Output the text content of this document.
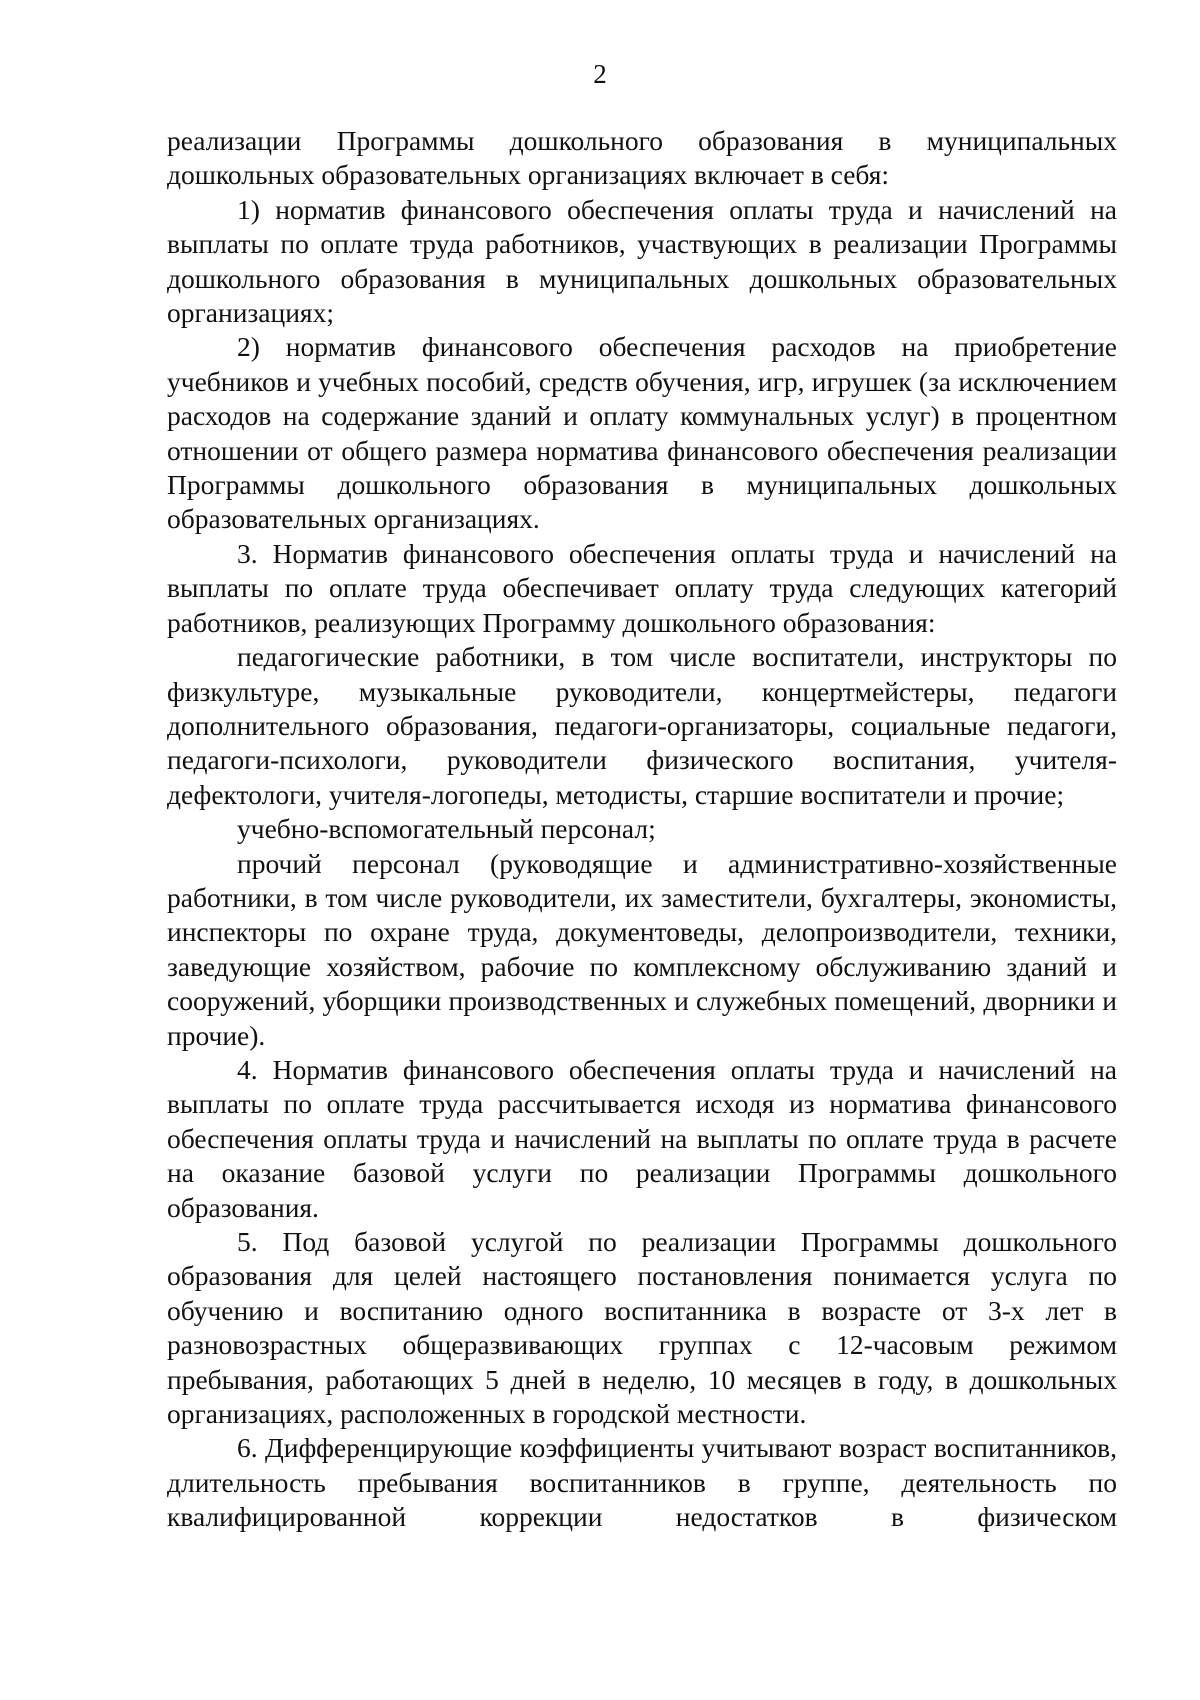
2

реализации Программы дошкольного образования в муниципальных дошкольных образовательных организациях включает в себя:

1) норматив финансового обеспечения оплаты труда и начислений на выплаты по оплате труда работников, участвующих в реализации Программы дошкольного образования в муниципальных дошкольных образовательных организациях;

2) норматив финансового обеспечения расходов на приобретение учебников и учебных пособий, средств обучения, игр, игрушек (за исключением расходов на содержание зданий и оплату коммунальных услуг) в процентном отношении от общего размера норматива финансового обеспечения реализации Программы дошкольного образования в муниципальных дошкольных образовательных организациях.

3. Норматив финансового обеспечения оплаты труда и начислений на выплаты по оплате труда обеспечивает оплату труда следующих категорий работников, реализующих Программу дошкольного образования:

педагогические работники, в том числе воспитатели, инструкторы по физкультуре, музыкальные руководители, концертмейстеры, педагоги дополнительного образования, педагоги-организаторы, социальные педагоги, педагоги-психологи, руководители физического воспитания, учителя-дефектологи, учителя-логопеды, методисты, старшие воспитатели и прочие;

учебно-вспомогательный персонал;

прочий персонал (руководящие и административно-хозяйственные работники, в том числе руководители, их заместители, бухгалтеры, экономисты, инспекторы по охране труда, документоведы, делопроизводители, техники, заведующие хозяйством, рабочие по комплексному обслуживанию зданий и сооружений, уборщики производственных и служебных помещений, дворники и прочие).

4. Норматив финансового обеспечения оплаты труда и начислений на выплаты по оплате труда рассчитывается исходя из норматива финансового обеспечения оплаты труда и начислений на выплаты по оплате труда в расчете на оказание базовой услуги по реализации Программы дошкольного образования.

5. Под базовой услугой по реализации Программы дошкольного образования для целей настоящего постановления понимается услуга по обучению и воспитанию одного воспитанника в возрасте от 3-х лет в разновозрастных общеразвивающих группах с 12-часовым режимом пребывания, работающих 5 дней в неделю, 10 месяцев в году, в дошкольных организациях, расположенных в городской местности.

6. Дифференцирующие коэффициенты учитывают возраст воспитанников, длительность пребывания воспитанников в группе, деятельность по квалифицированной коррекции недостатков в физическом
